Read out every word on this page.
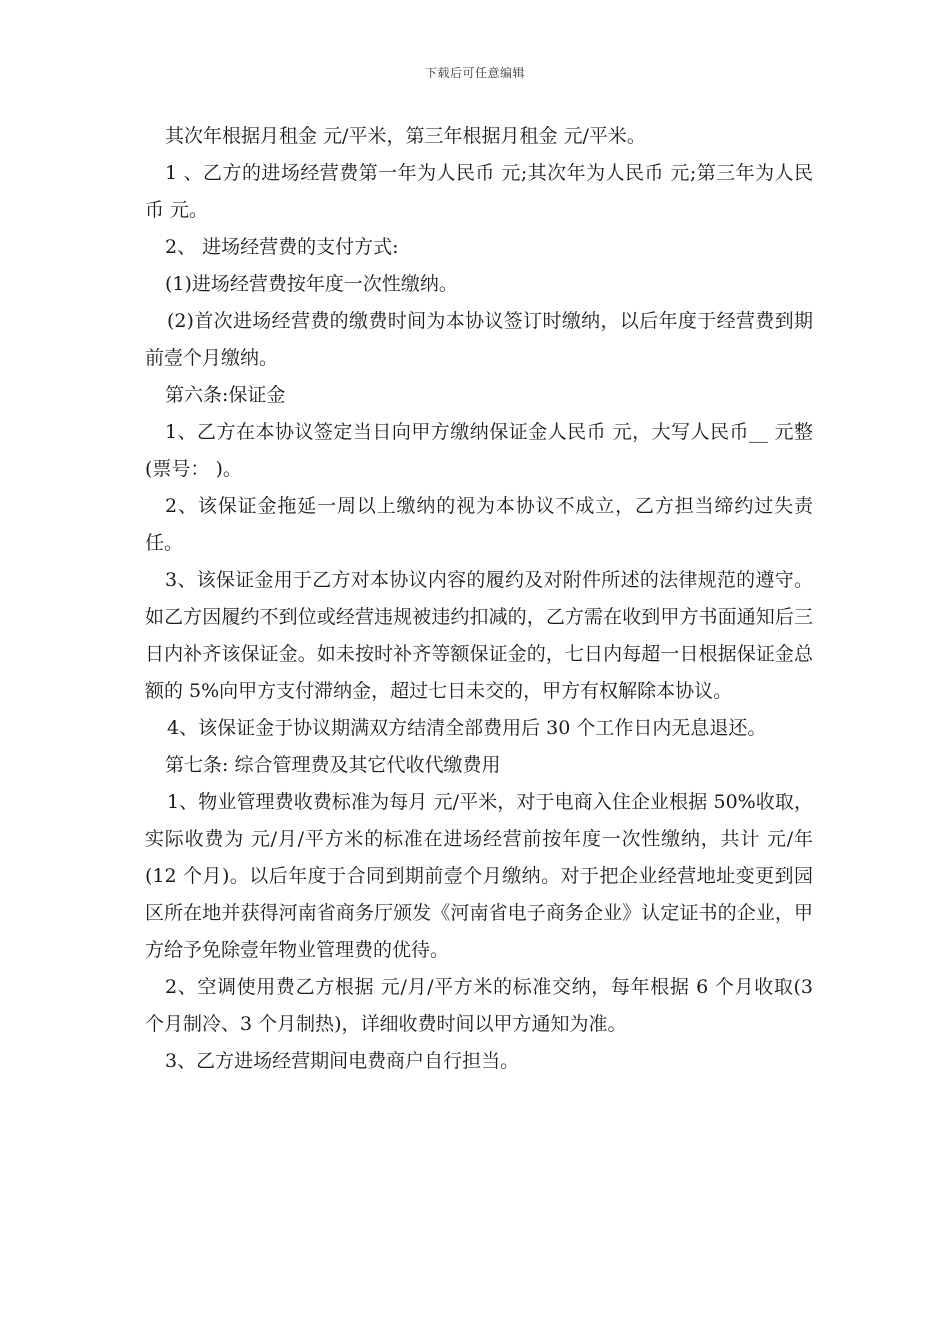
下载后可任意编辑

其次年根据月租金 元/平米，第三年根据月租金 元/平米。

1 、乙方的进场经营费第一年为人民币 元;其次年为人民币 元;第三年为人民币 元。

2、 进场经营费的支付方式:

(1)进场经营费按年度一次性缴纳。

(2)首次进场经营费的缴费时间为本协议签订时缴纳，以后年度于经营费到期前壹个月缴纳。

第六条:保证金

1、乙方在本协议签定当日向甲方缴纳保证金人民币 元，大写人民币__ 元整(票号： )。

2、该保证金拖延一周以上缴纳的视为本协议不成立，乙方担当缔约过失责任。

3、该保证金用于乙方对本协议内容的履约及对附件所述的法律规范的遵守。如乙方因履约不到位或经营违规被违约扣减的，乙方需在收到甲方书面通知后三日内补齐该保证金。如未按时补齐等额保证金的，七日内每超一日根据保证金总额的 5%向甲方支付滞纳金，超过七日未交的，甲方有权解除本协议。

4、该保证金于协议期满双方结清全部费用后 30 个工作日内无息退还。

第七条: 综合管理费及其它代收代缴费用

1、物业管理费收费标准为每月 元/平米，对于电商入住企业根据 50%收取， 实际收费为 元/月/平方米的标准在进场经营前按年度一次性缴纳，共计 元/年(12 个月)。以后年度于合同到期前壹个月缴纳。对于把企业经营地址变更到园区所在地并获得河南省商务厅颁发《河南省电子商务企业》认定证书的企业，甲方给予免除壹年物业管理费的优待。

2、空调使用费乙方根据 元/月/平方米的标准交纳，每年根据 6 个月收取(3 个月制冷、3 个月制热)，详细收费时间以甲方通知为准。

3、乙方进场经营期间电费商户自行担当。
